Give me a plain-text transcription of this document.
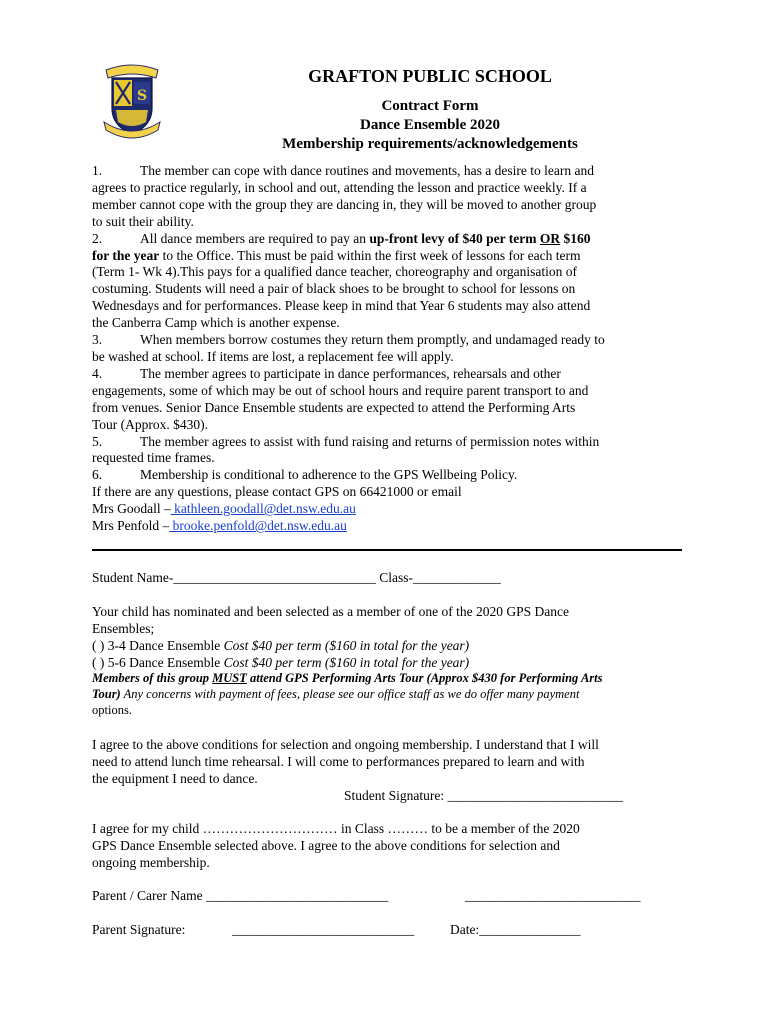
S
GRAFTON PUBLIC SCHOOL
Contract Form
Dance Ensemble 2020
Membership requirements/acknowledgements
1.	The member can cope with dance routines and movements, has a desire to learn and
agrees to practice regularly, in school and out, attending the lesson and practice weekly. If a
member cannot cope with the group they are dancing in, they will be moved to another group
to suit their ability.
2.	All dance members are required to pay an up-front levy of $40 per term OR $160
for the year to the Office. This must be paid within the first week of lessons for each term
(Term 1- Wk 4).This pays for a qualified dance teacher, choreography and organisation of
costuming. Students will need a pair of black shoes to be brought to school for lessons on
Wednesdays and for performances. Please keep in mind that Year 6 students may also attend
the Canberra Camp which is another expense.
3.	When members borrow costumes they return them promptly, and undamaged ready to
be washed at school. If items are lost, a replacement fee will apply.
4.	The member agrees to participate in dance performances, rehearsals and other
engagements, some of which may be out of school hours and require parent transport to and
from venues. Senior Dance Ensemble students are expected to attend the Performing Arts
Tour (Approx. $430).
5.	The member agrees to assist with fund raising and returns of permission notes within
requested time frames.
6.	Membership is conditional to adherence to the GPS Wellbeing Policy.
If there are any questions, please contact GPS on 66421000 or email
Mrs Goodall – kathleen.goodall@det.nsw.edu.au
Mrs Penfold – brooke.penfold@det.nsw.edu.au
Student Name-______________________________ Class-_____________
Your child has nominated and been selected as a member of one of the 2020 GPS Dance
Ensembles;
( ) 3-4 Dance Ensemble Cost $40 per term ($160 in total for the year)
( ) 5-6 Dance Ensemble Cost $40 per term ($160 in total for the year)
Members of this group MUST attend GPS Performing Arts Tour (Approx $430 for Performing Arts
Tour) Any concerns with payment of fees, please see our office staff as we do offer many payment
options.
I agree to the above conditions for selection and ongoing membership. I understand that I will
need to attend lunch time rehearsal. I will come to performances prepared to learn and with
the equipment I need to dance.
Student Signature: __________________________
I agree for my child ………………………… in Class ……… to be a member of the 2020
GPS Dance Ensemble selected above. I agree to the above conditions for selection and
ongoing membership.
Parent / Carer Name ___________________________	__________________________
Parent Signature:	___________________________	Date:_______________
